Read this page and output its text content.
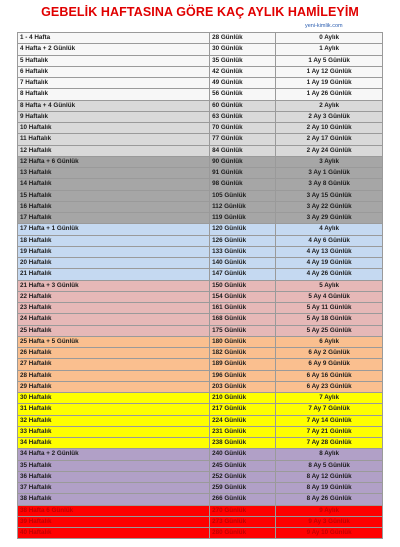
GEBELİK HAFTASINA GÖRE KAÇ AYLIK HAMİLEYİM
yeni-kimlik.com
1 - 4 Hafta	28 Günlük	0 Aylık
4 Hafta + 2 Günlük	30 Günlük	1 Aylık
5 Haftalık	35 Günlük	1 Ay 5 Günlük
6 Haftalık	42 Günlük	1 Ay 12 Günlük
7 Haftalık	49 Günlük	1 Ay 19 Günlük
8 Haftalık	56 Günlük	1 Ay 26 Günlük
8 Hafta + 4 Günlük	60 Günlük	2 Aylık
9 Haftalık	63 Günlük	2 Ay 3 Günlük
10 Haftalık	70 Günlük	2 Ay 10 Günlük
11 Haftalık	77 Günlük	2 Ay 17 Günlük
12 Haftalık	84 Günlük	2 Ay 24 Günlük
12 Hafta + 6 Günlük	90 Günlük	3 Aylık
13 Haftalık	91 Günlük	3 Ay 1 Günlük
14 Haftalık	98 Günlük	3 Ay 8 Günlük
15 Haftalık	105 Günlük	3 Ay 15 Günlük
16 Haftalık	112 Günlük	3 Ay 22 Günlük
17 Haftalık	119 Günlük	3 Ay 29 Günlük
17 Hafta + 1 Günlük	120 Günlük	4 Aylık
18 Haftalık	126 Günlük	4 Ay 6 Günlük
19 Haftalık	133 Günlük	4 Ay 13 Günlük
20 Haftalık	140 Günlük	4 Ay 19 Günlük
21 Haftalık	147 Günlük	4 Ay 26 Günlük
21 Hafta + 3 Günlük	150 Günlük	5 Aylık
22 Haftalık	154 Günlük	5 Ay 4 Günlük
23 Haftalık	161 Günlük	5 Ay 11 Günlük
24 Haftalık	168 Günlük	5 Ay 18 Günlük
25 Haftalık	175 Günlük	5 Ay 25 Günlük
25 Hafta + 5 Günlük	180 Günlük	6 Aylık
26 Haftalık	182 Günlük	6 Ay 2 Günlük
27 Haftalık	189 Günlük	6 Ay 9 Günlük
28 Haftalık	196 Günlük	6 Ay 16 Günlük
29 Haftalık	203 Günlük	6 Ay 23 Günlük
30 Haftalık	210 Günlük	7 Aylık
31 Haftalık	217 Günlük	7 Ay 7 Günlük
32 Haftalık	224 Günlük	7 Ay 14 Günlük
33 Haftalık	231 Günlük	7 Ay 21 Günlük
34 Haftalık	238 Günlük	7 Ay 28 Günlük
34 Hafta + 2 Günlük	240 Günlük	8 Aylık
35 Haftalık	245 Günlük	8 Ay 5 Günlük
36 Haftalık	252 Günlük	8 Ay 12 Günlük
37 Haftalık	259 Günlük	8 Ay 19 Günlük
38 Haftalık	266 Günlük	8 Ay 26 Günlük
38 Hafta 6 Günlük	270 Günlük	9 Aylık
39 Haftalık	273 Günlük	9 Ay 3 Günlük
40 Haftalık	280 Günlük	9 Ay 10 Günlük
